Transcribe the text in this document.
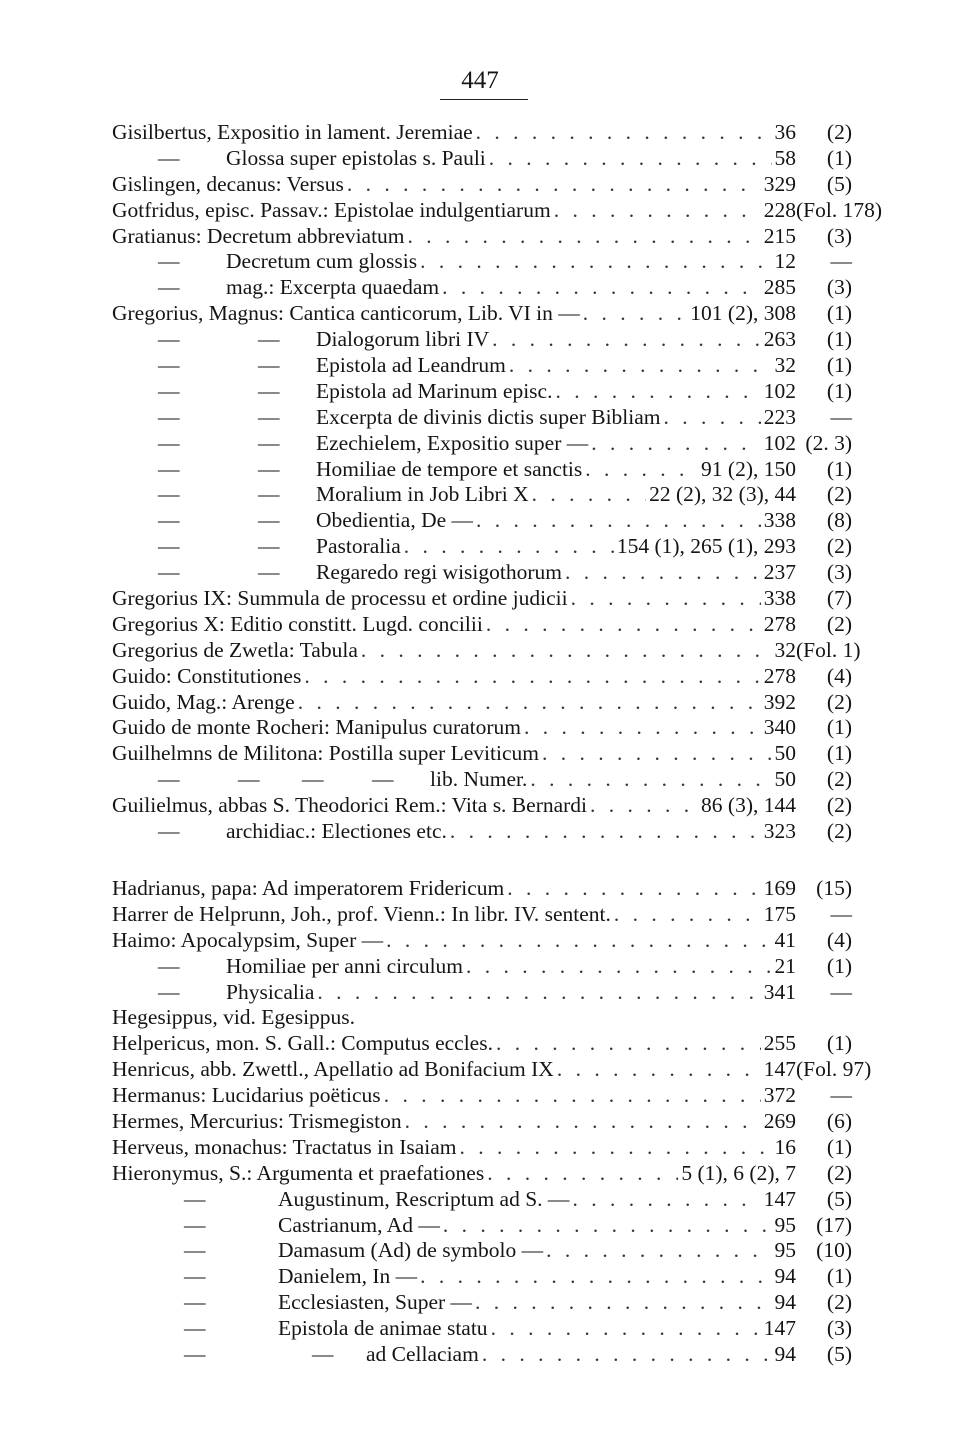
447
Gisilbertus, Expositio in lament. Jeremiae . . .	36	(2)
— Glossa super epistolas s. Pauli . . .	58	(1)
Gislingen, decanus: Versus . . .	329	(5)
Gotfridus, episc. Passav.: Epistolae indulgentiarum . . .	228 (Fol. 178)
Gratianus: Decretum abbreviatum . . .	215	(3)
— Decretum cum glossis . . .	12	—
— mag.: Excerpta quaedam . . .	285	(3)
Gregorius, Magnus: Cantica canticorum, Lib. VI in — . . .	101 (2), 308	(1)
—	— Dialogorum libri IV . . .	263	(1)
—	— Epistola ad Leandrum . . .	32	(1)
—	— Epistola ad Marinum episc. . . .	102	(1)
—	— Excerpta de divinis dictis super Bibliam . . .	223	—
—	— Ezechielem, Expositio super — . . .	102 (2. 3)
—	— Homiliae de tempore et sanctis . . .	91 (2), 150	(1)
—	— Moralium in Job Libri X . . .	22 (2), 32 (3), 44	(2)
—	— Obedientia, De — . . .	338	(8)
—	— Pastoralia . . .	154 (1), 265 (1), 293	(2)
—	— Regaredo regi wisigothorum . . .	237	(3)
Gregorius IX: Summula de processu et ordine judicii . . .	338	(7)
Gregorius X: Editio constitt. Lugd. concilii . . .	278	(2)
Gregorius de Zwetla: Tabula . . .	32 (Fol. 1)
Guido: Constitutiones . . .	278	(4)
Guido, Mag.: Arenge . . .	392	(2)
Guido de monte Rocheri: Manipulus curatorum . . .	340	(1)
Guilhelmns de Militona: Postilla super Leviticum . . .	50	(1)
—	— — — lib. Numer. . . .	50	(2)
Guilielmus, abbas S. Theodorici Rem.: Vita s. Bernardi . . .	86 (3), 144	(2)
— archidiac.: Electiones etc. . . .	323	(2)
Hadrianus, papa: Ad imperatorem Fridericum . . .	169 (15)
Harrer de Helprunn, Joh., prof. Vienn.: In libr. IV. sentent. . . .	175	—
Haimo: Apocalypsim, Super — . . .	41	(4)
— Homiliae per anni circulum . . .	21	(1)
— Physicalia . . .	341	—
Hegesippus, vid. Egesippus.
Helpericus, mon. S. Gall.: Computus eccles. . . .	255	(1)
Henricus, abb. Zwettl., Apellatio ad Bonifacium IX . . .	147 (Fol. 97)
Hermanus: Lucidarius poëticus . . .	372	—
Hermes, Mercurius: Trismegiston . . .	269	(6)
Herveus, monachus: Tractatus in Isaiam . . .	16	(1)
Hieronymus, S.: Argumenta et praefationes . . .	5 (1), 6 (2), 7	(2)
—	Augustinum, Rescriptum ad S. — . . .	147	(5)
—	Castrianum, Ad — . . .	95 (17)
—	Damasum (Ad) de symbolo — . . .	95 (10)
—	Danielem, In — . . .	94	(1)
—	Ecclesiasten, Super — . . .	94	(2)
—	Epistola de animae statu . . .	147	(3)
—	— ad Cellaciam . . .	94	(5)
